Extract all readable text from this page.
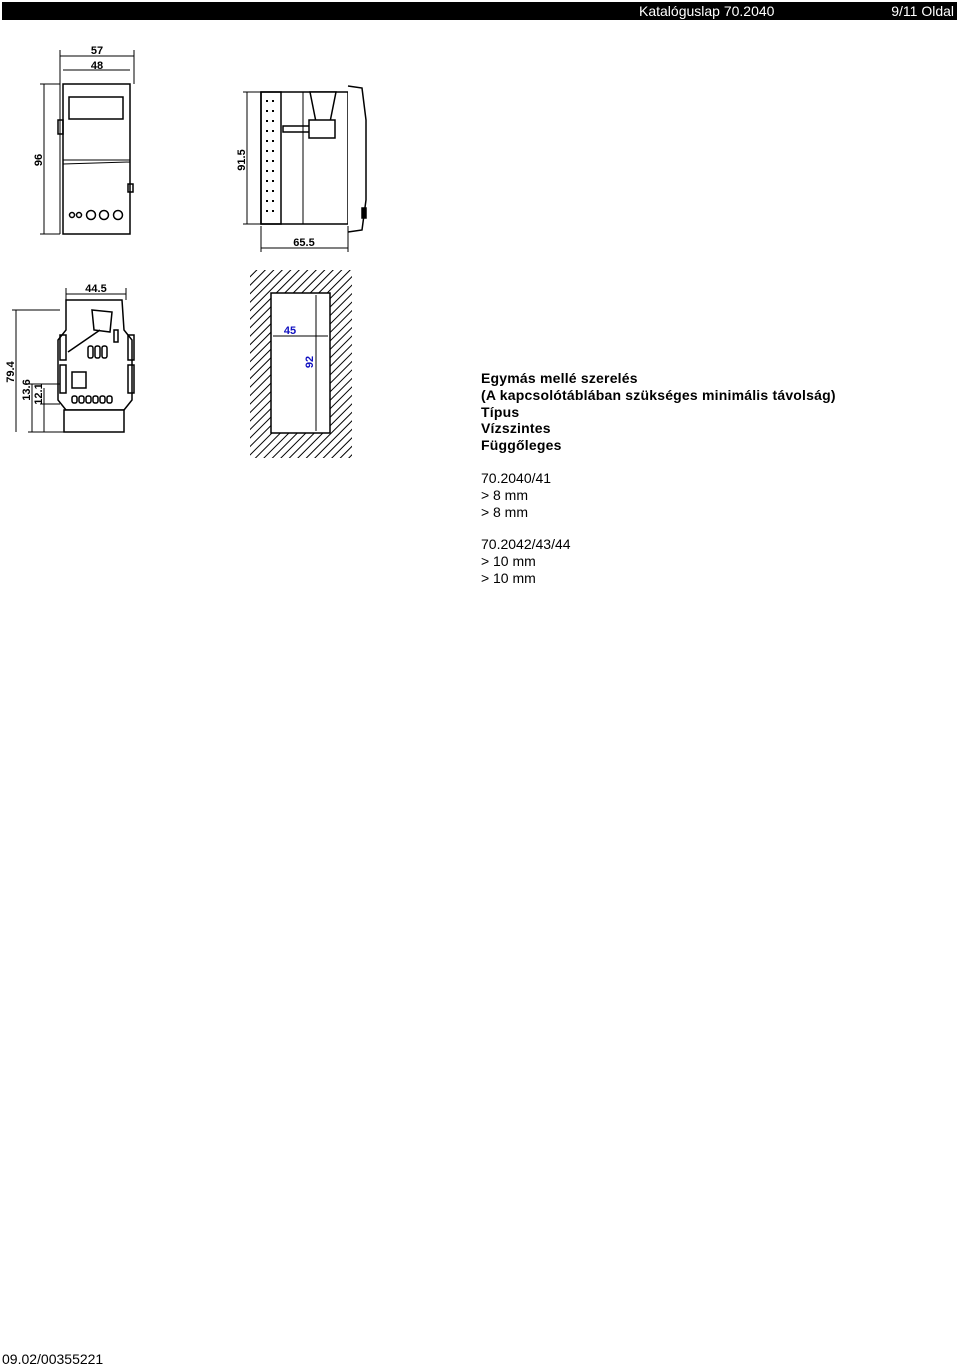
Katalóguslap 70.2040	9/11 Oldal
57
48
96	91.5
65.5
44.5
79.4
13.6 12.1
45
92
Egymás mellé szerelés
(A kapcsolótáblában szükséges minimális távolság)
Típus
Vízszintes
Függőleges
70.2040/41
> 8 mm
> 8 mm
70.2042/43/44
> 10 mm
> 10 mm
09.02/00355221
